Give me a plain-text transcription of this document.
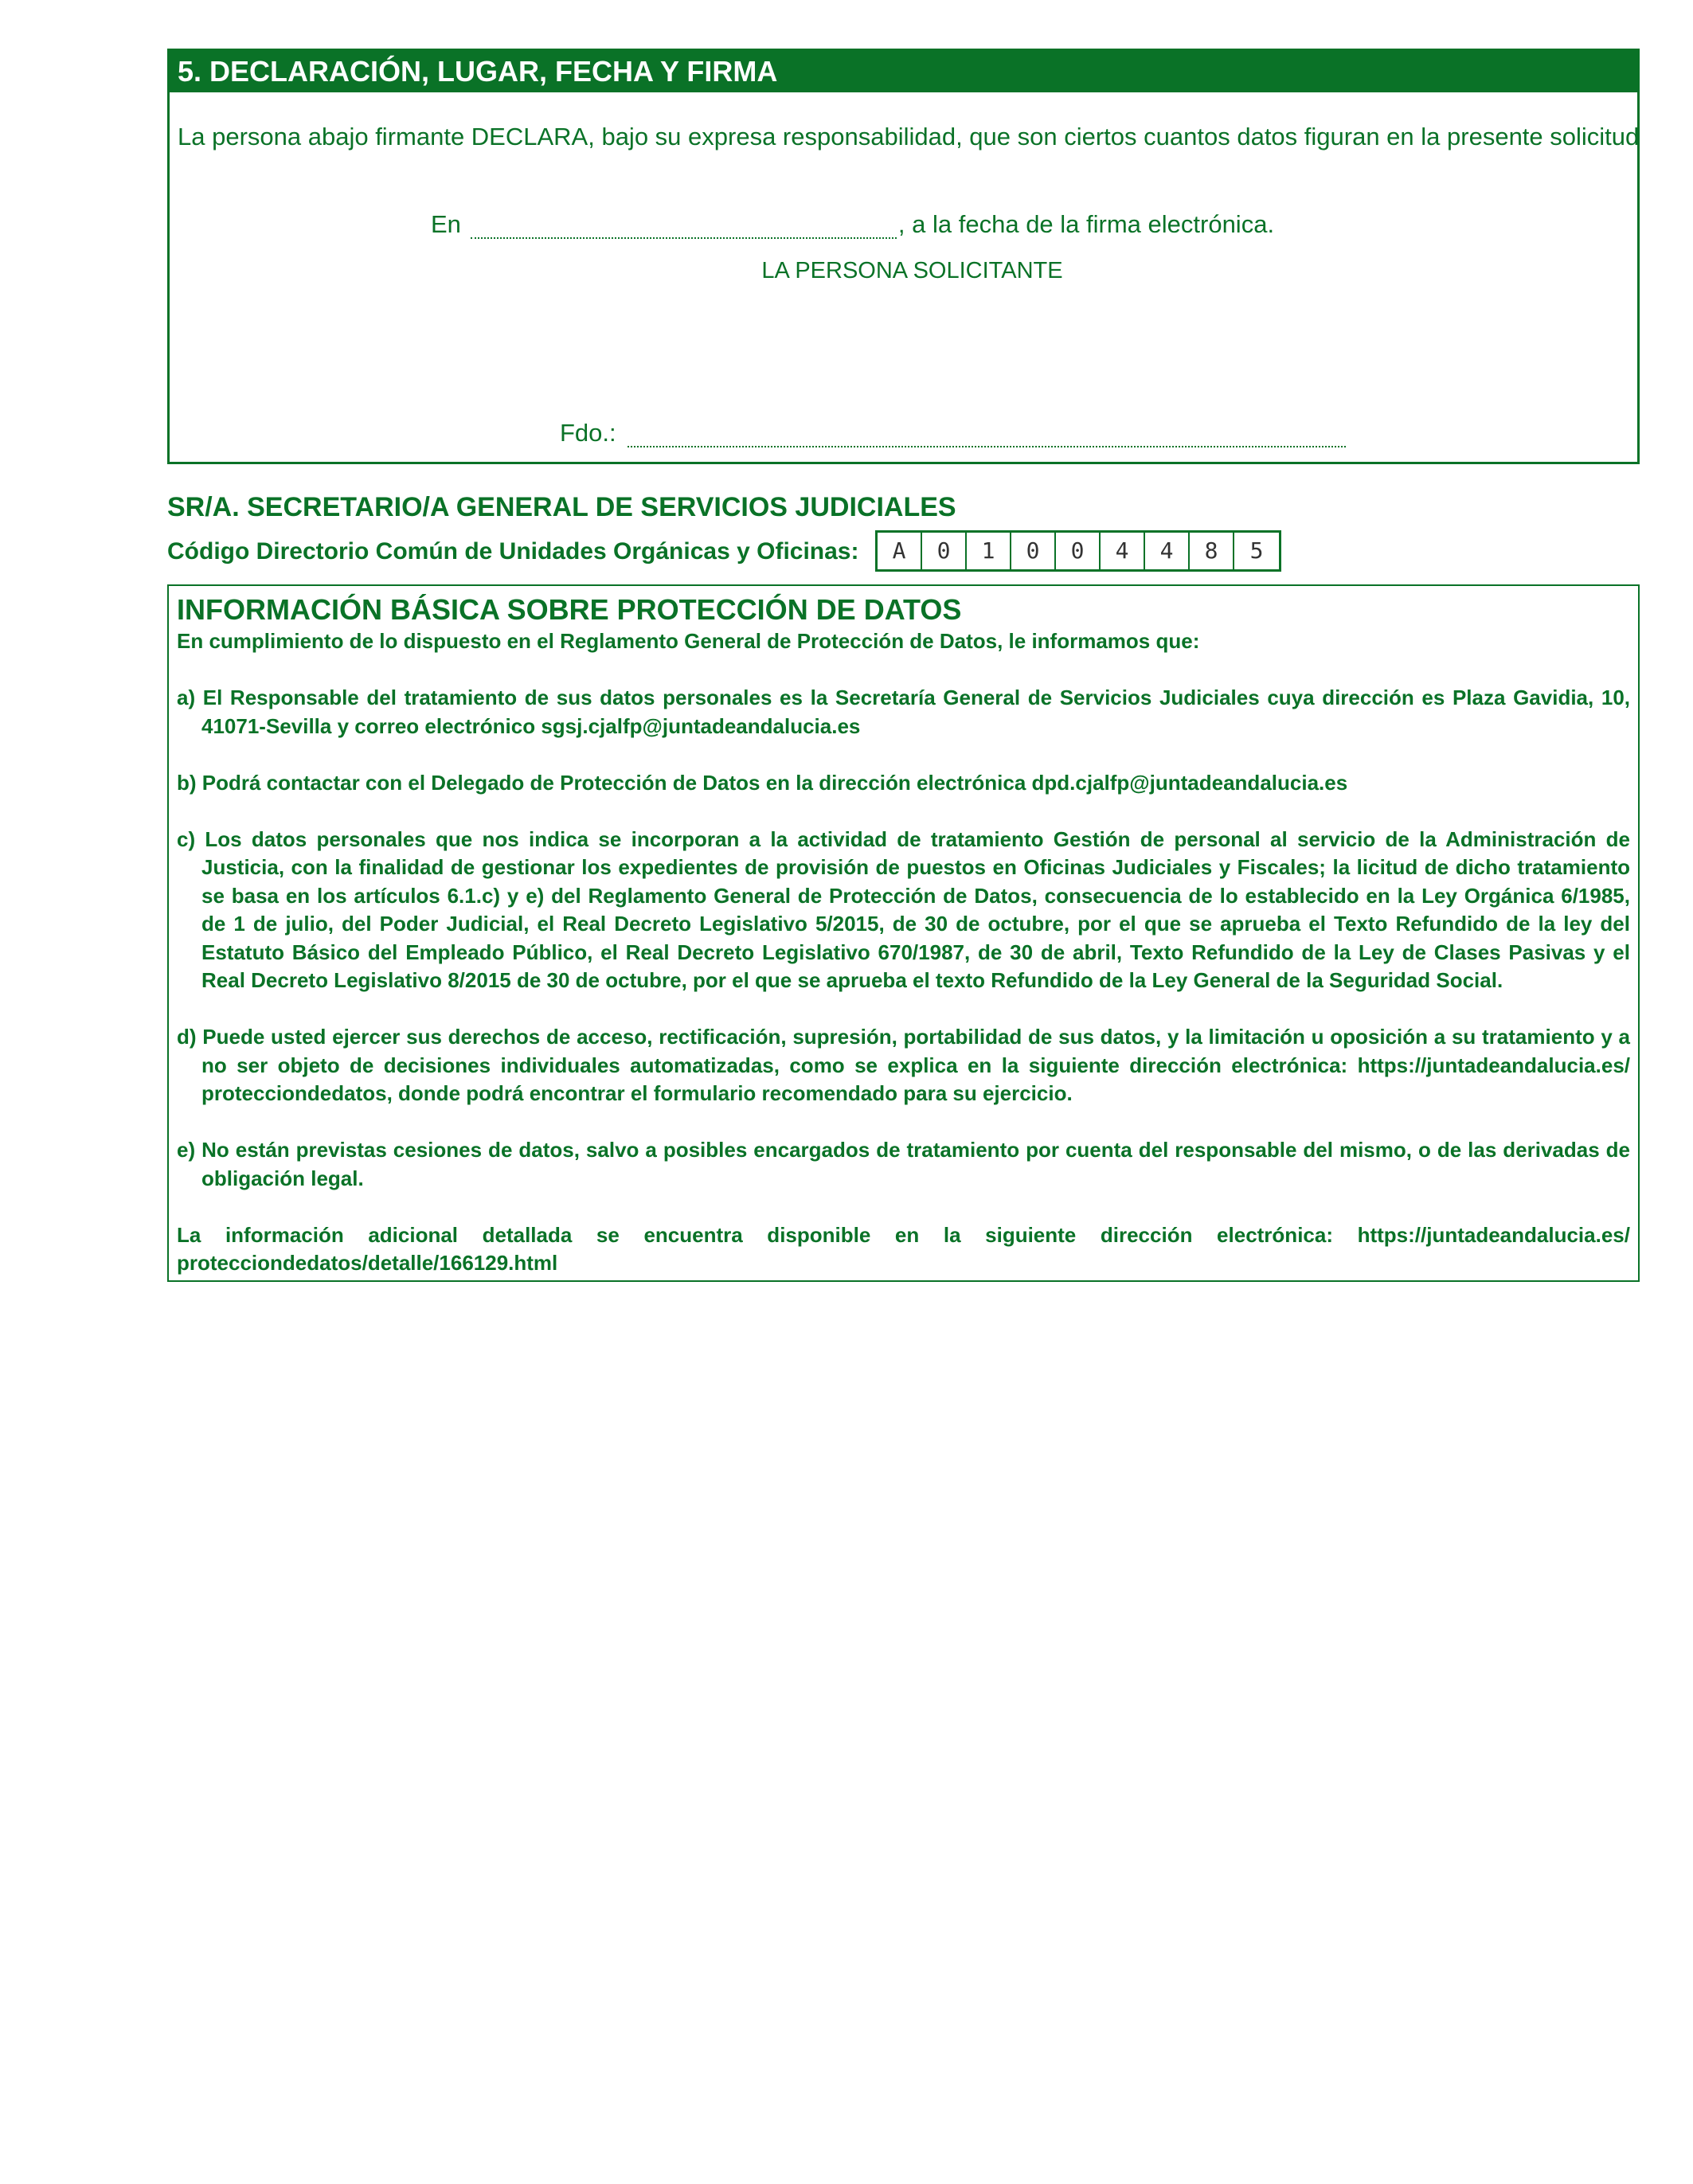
5. DECLARACIÓN, LUGAR, FECHA Y FIRMA
La persona abajo firmante DECLARA, bajo su expresa responsabilidad, que son ciertos cuantos datos figuran en la presente solicitud
En	, a la fecha de la firma electrónica.
LA PERSONA SOLICITANTE
Fdo.:
SR/A. SECRETARIO/A GENERAL DE SERVICIOS JUDICIALES
Código Directorio Común de Unidades Orgánicas y Oficinas:	A	0	1	0	0	4	4	8	5
INFORMACIÓN BÁSICA SOBRE PROTECCIÓN DE DATOS

En cumplimiento de lo dispuesto en el Reglamento General de Protección de Datos, le informamos que:

a) El Responsable del tratamiento de sus datos personales es la Secretaría General de Servicios Judiciales cuya dirección es Plaza Gavidia, 10, 41071-Sevilla y correo electrónico sgsj.cjalfp@juntadeandalucia.es

b) Podrá contactar con el Delegado de Protección de Datos en la dirección electrónica dpd.cjalfp@juntadeandalucia.es

c) Los datos personales que nos indica se incorporan a la actividad de tratamiento Gestión de personal al servicio de la Administración de Justicia, con la finalidad de gestionar los expedientes de provisión de puestos en Oficinas Judiciales y Fiscales; la licitud de dicho tratamiento se basa en los artículos 6.1.c) y e) del Reglamento General de Protección de Datos, consecuencia de lo establecido en la Ley Orgánica 6/1985, de 1 de julio, del Poder Judicial, el Real Decreto Legislativo 5/2015, de 30 de octubre, por el que se aprueba el Texto Refundido de la ley del Estatuto Básico del Empleado Público, el Real Decreto Legislativo 670/1987, de 30 de abril, Texto Refundido de la Ley de Clases Pasivas y el Real Decreto Legislativo 8/2015 de 30 de octubre, por el que se aprueba el texto Refundido de la Ley General de la Seguridad Social.

d) Puede usted ejercer sus derechos de acceso, rectificación, supresión, portabilidad de sus datos, y la limitación u oposición a su tratamiento y a no ser objeto de decisiones individuales automatizadas, como se explica en la siguiente dirección electrónica: https://juntadeandalucia.es/ protecciondedatos, donde podrá encontrar el formulario recomendado para su ejercicio.

e) No están previstas cesiones de datos, salvo a posibles encargados de tratamiento por cuenta del responsable del mismo, o de las derivadas de obligación legal.

La información adicional detallada se encuentra disponible en la siguiente dirección electrónica: https://juntadeandalucia.es/ protecciondedatos/detalle/166129.html
